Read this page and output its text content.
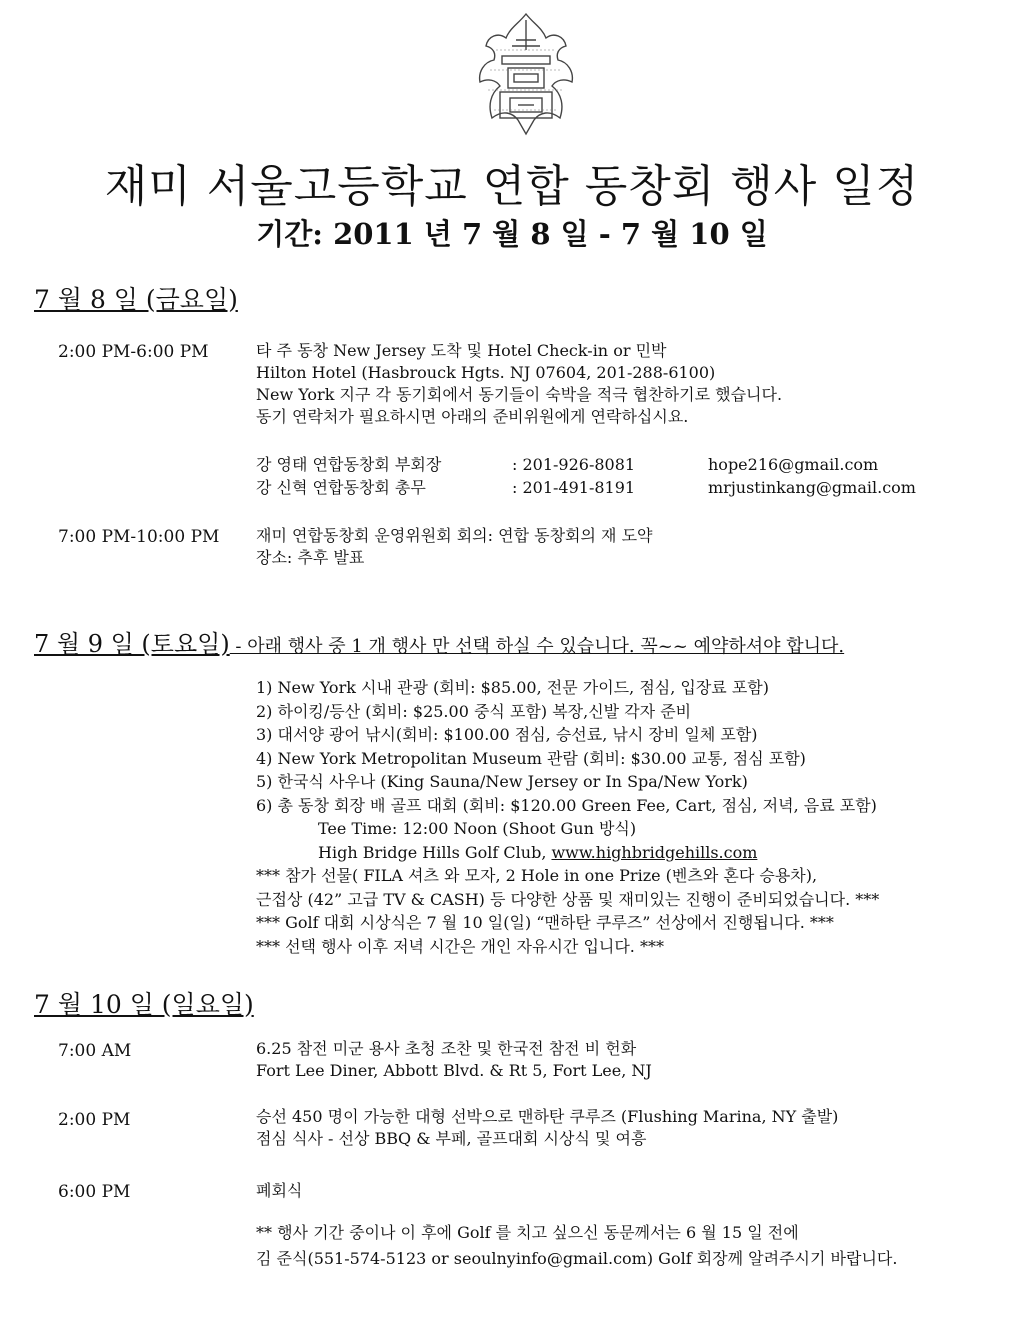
재미 서울고등학교 연합 동창회 행사 일정
기간: 2011 년 7 월 8 일 - 7 월 10 일
7 월 8 일 (금요일)
2:00 PM-6:00 PM	타 주 동창 New Jersey 도착 및 Hotel Check-in or 민박
Hilton Hotel (Hasbrouck Hgts. NJ 07604, 201-288-6100)
New York 지구 각 동기회에서 동기들이 숙박을 적극 협찬하기로 했습니다.
동기 연락처가 필요하시면 아래의 준비위원에게 연락하십시요.
강 영태 연합동창회 부회장	: 201-926-8081	hope216@gmail.com
강 신혁 연합동창회 총무	: 201-491-8191	mrjustinkang@gmail.com
7:00 PM-10:00 PM 재미 연합동창회 운영위원회 회의: 연합 동창회의 재 도약
장소: 추후 발표
7 월 9 일 (토요일) - 아래 행사 중 1 개 행사 만 선택 하실 수 있습니다. 꼭~~ 예약하셔야 합니다.
1) New York 시내 관광 (회비: $85.00, 전문 가이드, 점심, 입장료 포함)
2) 하이킹/등산 (회비: $25.00 중식 포함) 복장,신발 각자 준비
3) 대서양 광어 낚시(회비: $100.00 점심, 승선료, 낚시 장비 일체 포함)
4) New York Metropolitan Museum 관람 (회비: $30.00 교통, 점심 포함)
5) 한국식 사우나 (King Sauna/New Jersey or In Spa/New York)
6) 총 동창 회장 배 골프 대회 (회비: $120.00 Green Fee, Cart, 점심, 저녁, 음료 포함)
Tee Time: 12:00 Noon (Shoot Gun 방식)
High Bridge Hills Golf Club, www.highbridgehills.com
*** 참가 선물( FILA 셔츠 와 모자, 2 Hole in one Prize (벤츠와 혼다 승용차),
근접상 (42” 고급 TV & CASH) 등 다양한 상품 및 재미있는 진행이 준비되었습니다. ***
*** Golf 대회 시상식은 7 월 10 일(일) “맨하탄 쿠루즈” 선상에서 진행됩니다. ***
*** 선택 행사 이후 저녁 시간은 개인 자유시간 입니다. ***
7 월 10 일 (일요일)
7:00 AM	6.25 참전 미군 용사 초청 조찬 및 한국전 참전 비 헌화
Fort Lee Diner, Abbott Blvd. & Rt 5, Fort Lee, NJ
2:00 PM	승선 450 명이 가능한 대형 선박으로 맨하탄 쿠루즈 (Flushing Marina, NY 출발)
점심 식사 - 선상 BBQ & 부페, 골프대회 시상식 및 여흥
6:00 PM	폐회식
** 행사 기간 중이나 이 후에 Golf 를 치고 싶으신 동문께서는 6 월 15 일 전에
김 준식(551-574-5123 or seoulnyinfo@gmail.com) Golf 회장께 알려주시기 바랍니다.
